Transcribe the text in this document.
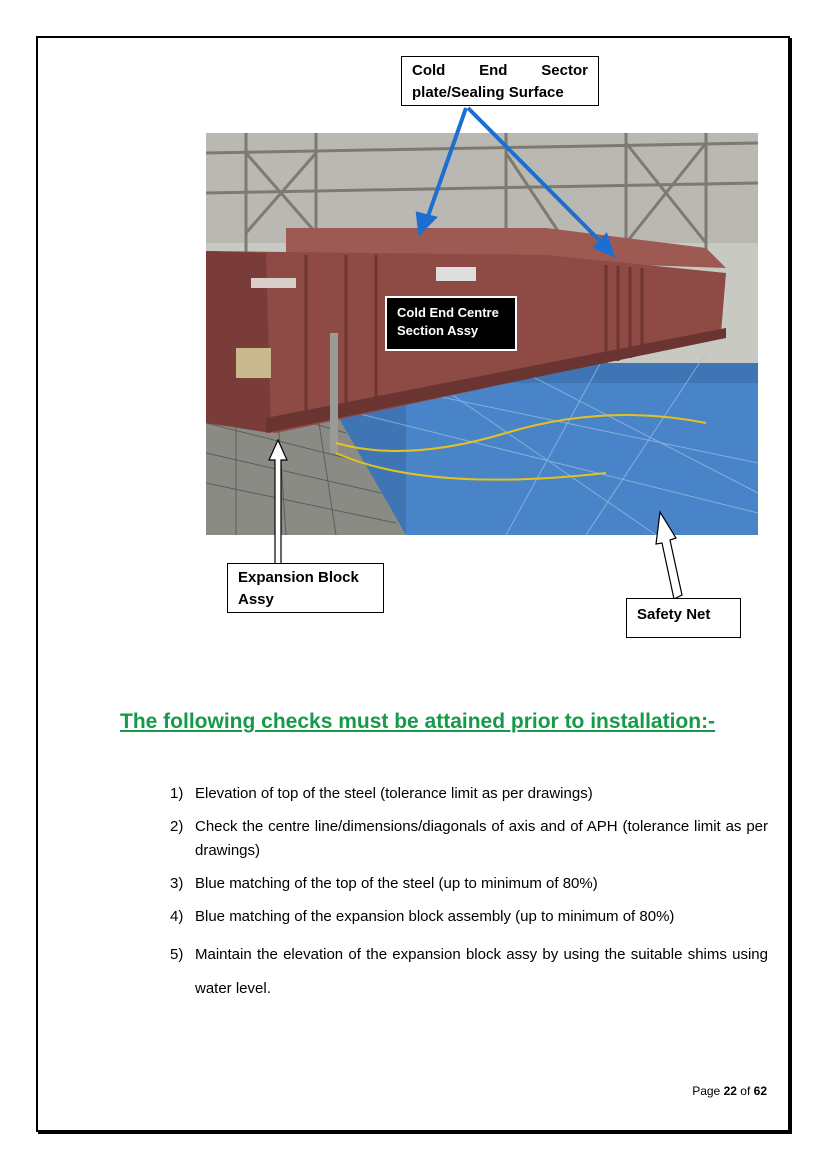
Cold End Sector
plate/Sealing Surface
Cold End Centre
Section Assy
Expansion Block
Assy
Safety Net
The following checks must be attained prior to installation:-
1) Elevation of top of the steel (tolerance limit as per drawings)
2) Check the centre line/dimensions/diagonals of axis and of APH (tolerance limit as per drawings)
3) Blue matching of the top of the steel (up to minimum of 80%)
4) Blue matching of the expansion block assembly (up to minimum of 80%)
5) Maintain the elevation of the expansion block assy by using the suitable shims using water level.
Page 22 of 62
